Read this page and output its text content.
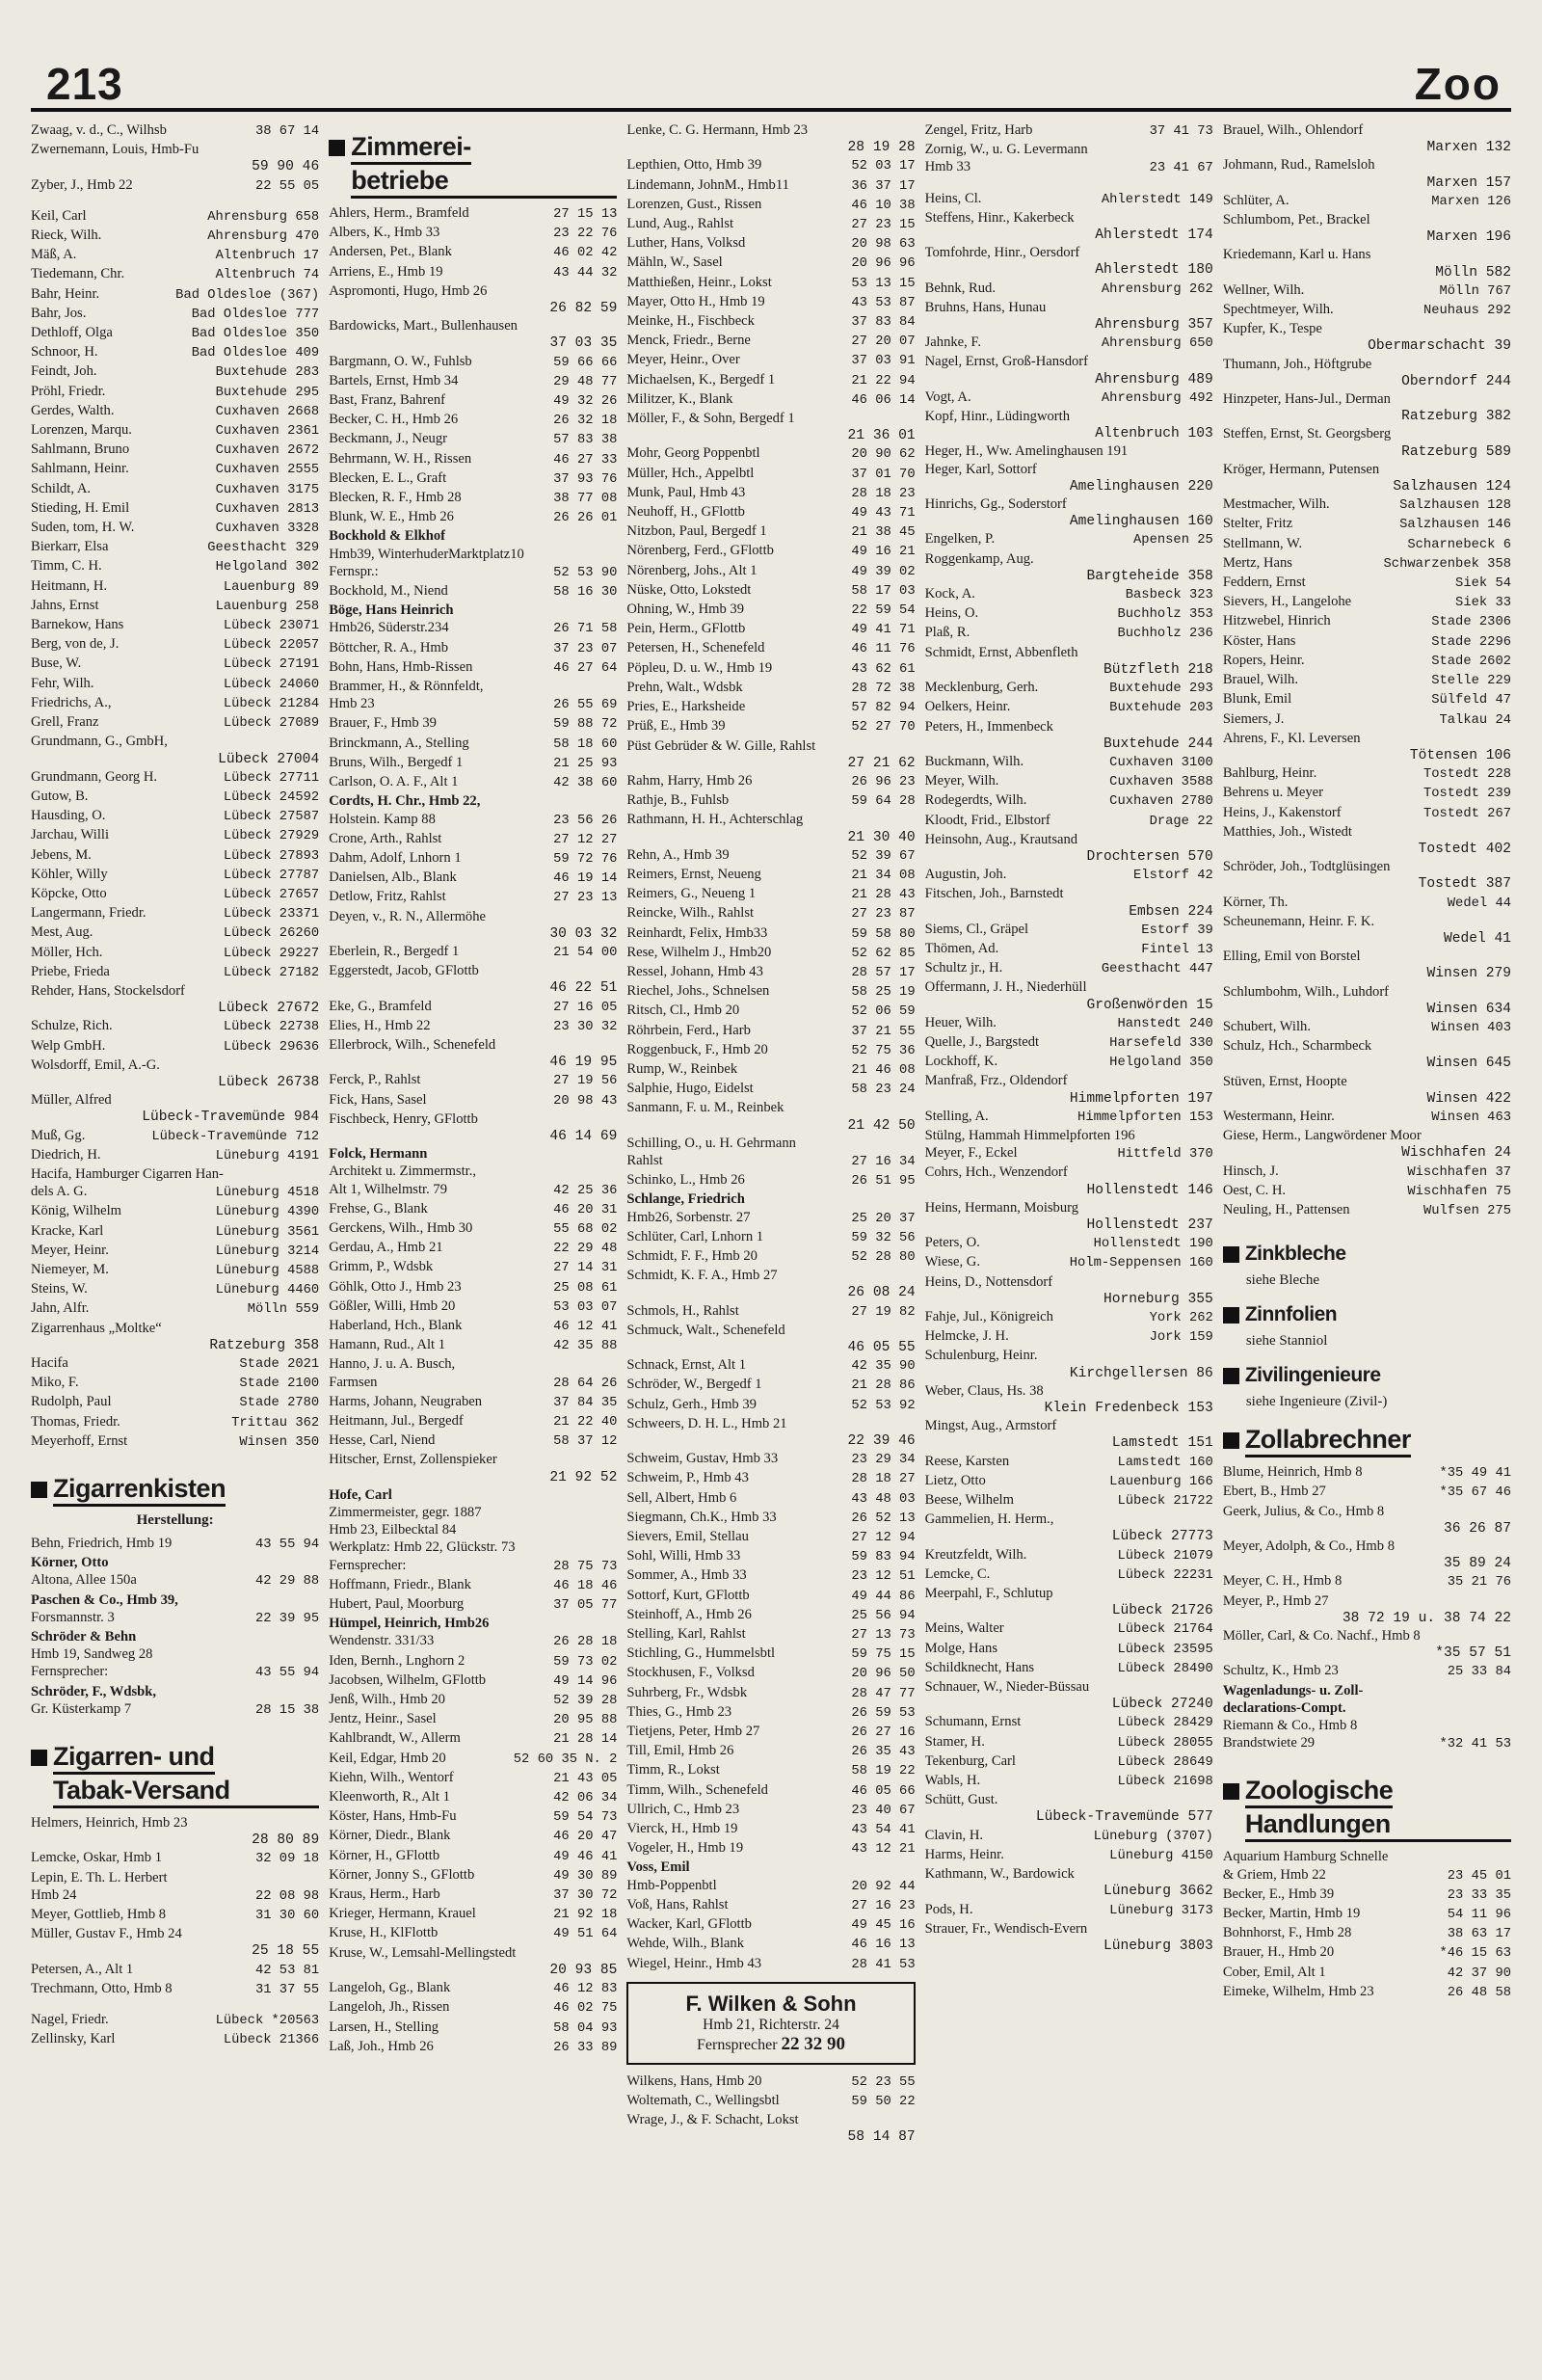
213	Zoo
Zwaag, v. d., C., Wilhsb	38 67 14
Zwernemann, Louis, Hmb-Fu
59 90 46
Zyber, J., Hmb 22	22 55 05
Keil, Carl	Ahrensburg 658
Rieck, Wilh.	Ahrensburg 470
Mäß, A.	Altenbruch 17
Tiedemann, Chr.	Altenbruch 74
Bahr, Heinr.	Bad Oldesloe (367)
Bahr, Jos.	Bad Oldesloe 777
Dethloff, Olga	Bad Oldesloe 350
Schnoor, H.	Bad Oldesloe 409
Feindt, Joh.	Buxtehude 283
Pröhl, Friedr.	Buxtehude 295
Gerdes, Walth.	Cuxhaven 2668
Lorenzen, Marqu.	Cuxhaven 2361
Sahlmann, Bruno	Cuxhaven 2672
Sahlmann, Heinr.	Cuxhaven 2555
Schildt, A.	Cuxhaven 3175
Stieding, H. Emil	Cuxhaven 2813
Suden, tom, H. W.	Cuxhaven 3328
Bierkarr, Elsa	Geesthacht 329
Timm, C. H.	Helgoland 302
Heitmann, H.	Lauenburg 89
Jahns, Ernst	Lauenburg 258
Barnekow, Hans	Lübeck 23071
Berg, von de, J.	Lübeck 22057
Buse, W.	Lübeck 27191
Fehr, Wilh.	Lübeck 24060
Friedrichs, A.,	Lübeck 21284
Grell, Franz	Lübeck 27089
Grundmann, G., GmbH,
Lübeck 27004
Grundmann, Georg H.	Lübeck 27711
Gutow, B.	Lübeck 24592
Hausding, O.	Lübeck 27587
Jarchau, Willi	Lübeck 27929
Jebens, M.	Lübeck 27893
Köhler, Willy	Lübeck 27787
Köpcke, Otto	Lübeck 27657
Langermann, Friedr.	Lübeck 23371
Mest, Aug.	Lübeck 26260
Möller, Hch.	Lübeck 29227
Priebe, Frieda	Lübeck 27182
Rehder, Hans, Stockelsdorf
Lübeck 27672
Schulze, Rich.	Lübeck 22738
Welp GmbH.	Lübeck 29636
Wolsdorff, Emil, A.-G.
Lübeck 26738
Müller, Alfred
Lübeck-Travemünde 984
Muß, Gg.	Lübeck-Travemünde 712
Diedrich, H.	Lüneburg 4191
Hacifa, Hamburger Cigarren Han-
dels A. G.	Lüneburg 4518
König, Wilhelm	Lüneburg 4390
Kracke, Karl	Lüneburg 3561
Meyer, Heinr.	Lüneburg 3214
Niemeyer, M.	Lüneburg 4588
Steins, W.	Lüneburg 4460
Jahn, Alfr.	Mölln 559
Zigarrenhaus „Moltke“
Ratzeburg 358
Hacifa	Stade 2021
Miko, F.	Stade 2100
Rudolph, Paul	Stade 2780
Thomas, Friedr.	Trittau 362
Meyerhoff, Ernst	Winsen 350
Zigarrenkisten
Herstellung:
Behn, Friedrich, Hmb 19	43 55 94
Körner, Otto
Altona, Allee 150a	42 29 88
Paschen & Co., Hmb 39,
Forsmannstr. 3	22 39 95
Schröder & Behn
Hmb 19, Sandweg 28
Fernsprecher:	43 55 94
Schröder, F., Wdsbk,
Gr. Küsterkamp 7	28 15 38
Zigarren- und
Tabak-Versand
Helmers, Heinrich, Hmb 23
28 80 89
Lemcke, Oskar, Hmb 1	32 09 18
Lepin, E. Th. L. Herbert
Hmb 24	22 08 98
Meyer, Gottlieb, Hmb 8	31 30 60
Müller, Gustav F., Hmb 24
25 18 55
Petersen, A., Alt 1	42 53 81
Trechmann, Otto, Hmb 8	31 37 55
Nagel, Friedr.	Lübeck *20563
Zellinsky, Karl	Lübeck 21366
Zimmerei-
betriebe
Ahlers, Herm., Bramfeld	27 15 13
Albers, K., Hmb 33	23 22 76
Andersen, Pet., Blank	46 02 42
Arriens, E., Hmb 19	43 44 32
Aspromonti, Hugo, Hmb 26
26 82 59
Bardowicks, Mart., Bullenhausen
37 03 35
Bargmann, O. W., Fuhlsb	59 66 66
Bartels, Ernst, Hmb 34	29 48 77
Bast, Franz, Bahrenf	49 32 26
Becker, C. H., Hmb 26	26 32 18
Beckmann, J., Neugr	57 83 38
Behrmann, W. H., Rissen	46 27 33
Blecken, E. L., Graft	37 93 76
Blecken, R. F., Hmb 28	38 77 08
Blunk, W. E., Hmb 26	26 26 01
Bockhold & Elkhof
Hmb39, WinterhuderMarktplatz10
Fernspr.:	52 53 90
Bockhold, M., Niend	58 16 30
Böge, Hans Heinrich
Hmb26, Süderstr.234	26 71 58
Böttcher, R. A., Hmb	37 23 07
Bohn, Hans, Hmb-Rissen	46 27 64
Brammer, H., & Rönnfeldt,
Hmb 23	26 55 69
Brauer, F., Hmb 39	59 88 72
Brinckmann, A., Stelling	58 18 60
Bruns, Wilh., Bergedf 1	21 25 93
Carlson, O. A. F., Alt 1	42 38 60
Cordts, H. Chr., Hmb 22,
Holstein. Kamp 88	23 56 26
Crone, Arth., Rahlst	27 12 27
Dahm, Adolf, Lnhorn 1	59 72 76
Danielsen, Alb., Blank	46 19 14
Detlow, Fritz, Rahlst	27 23 13
Deyen, v., R. N., Allermöhe
30 03 32
Eberlein, R., Bergedf 1	21 54 00
Eggerstedt, Jacob, GFlottb
46 22 51
Eke, G., Bramfeld	27 16 05
Elies, H., Hmb 22	23 30 32
Ellerbrock, Wilh., Schenefeld
46 19 95
Ferck, P., Rahlst	27 19 56
Fick, Hans, Sasel	20 98 43
Fischbeck, Henry, GFlottb
46 14 69
Folck, Hermann
Architekt u. Zimmermstr.,
Alt 1, Wilhelmstr. 79	42 25 36
Frehse, G., Blank	46 20 31
Gerckens, Wilh., Hmb 30	55 68 02
Gerdau, A., Hmb 21	22 29 48
Grimm, P., Wdsbk	27 14 31
Göhlk, Otto J., Hmb 23	25 08 61
Gößler, Willi, Hmb 20	53 03 07
Haberland, Hch., Blank	46 12 41
Hamann, Rud., Alt 1	42 35 88
Hanno, J. u. A. Busch,
Farmsen	28 64 26
Harms, Johann, Neugraben	37 84 35
Heitmann, Jul., Bergedf	21 22 40
Hesse, Carl, Niend	58 37 12
Hitscher, Ernst, Zollenspieker
21 92 52
Hofe, Carl
Zimmermeister, gegr. 1887
Hmb 23, Eilbecktal 84
Werkplatz: Hmb 22, Glückstr. 73
Fernsprecher:	28 75 73
Hoffmann, Friedr., Blank	46 18 46
Hubert, Paul, Moorburg	37 05 77
Hümpel, Heinrich, Hmb26
Wendenstr. 331/33	26 28 18
Iden, Bernh., Lnghorn 2	59 73 02
Jacobsen, Wilhelm, GFlottb	49 14 96
Jenß, Wilh., Hmb 20	52 39 28
Jentz, Heinr., Sasel	20 95 88
Kahlbrandt, W., Allerm	21 28 14
Keil, Edgar, Hmb 20	52 60 35 N. 2
Kiehn, Wilh., Wentorf	21 43 05
Kleenworth, R., Alt 1	42 06 34
Köster, Hans, Hmb-Fu	59 54 73
Körner, Diedr., Blank	46 20 47
Körner, H., GFlottb	49 46 41
Körner, Jonny S., GFlottb	49 30 89
Kraus, Herm., Harb	37 30 72
Krieger, Hermann, Krauel	21 92 18
Kruse, H., KlFlottb	49 51 64
Kruse, W., Lemsahl-Mellingstedt
20 93 85
Langeloh, Gg., Blank	46 12 83
Langeloh, Jh., Rissen	46 02 75
Larsen, H., Stelling	58 04 93
Laß, Joh., Hmb 26	26 33 89
Lenke, C. G. Hermann, Hmb 23
28 19 28
Lepthien, Otto, Hmb 39	52 03 17
Lindemann, JohnM., Hmb11	36 37 17
Lorenzen, Gust., Rissen	46 10 38
Lund, Aug., Rahlst	27 23 15
Luther, Hans, Volksd	20 98 63
Mähln, W., Sasel	20 96 96
Matthießen, Heinr., Lokst	53 13 15
Mayer, Otto H., Hmb 19	43 53 87
Meinke, H., Fischbeck	37 83 84
Menck, Friedr., Berne	27 20 07
Meyer, Heinr., Over	37 03 91
Michaelsen, K., Bergedf 1	21 22 94
Militzer, K., Blank	46 06 14
Möller, F., & Sohn, Bergedf 1
21 36 01
Mohr, Georg Poppenbtl	20 90 62
Müller, Hch., Appelbtl	37 01 70
Munk, Paul, Hmb 43	28 18 23
Neuhoff, H., GFlottb	49 43 71
Nitzbon, Paul, Bergedf 1	21 38 45
Nörenberg, Ferd., GFlottb	49 16 21
Nörenberg, Johs., Alt 1	49 39 02
Nüske, Otto, Lokstedt	58 17 03
Ohning, W., Hmb 39	22 59 54
Pein, Herm., GFlottb	49 41 71
Petersen, H., Schenefeld	46 11 76
Pöpleu, D. u. W., Hmb 19	43 62 61
Prehn, Walt., Wdsbk	28 72 38
Pries, E., Harksheide	57 82 94
Prüß, E., Hmb 39	52 27 70
Püst Gebrüder & W. Gille, Rahlst
27 21 62
Rahm, Harry, Hmb 26	26 96 23
Rathje, B., Fuhlsb	59 64 28
Rathmann, H. H., Achterschlag
21 30 40
Rehn, A., Hmb 39	52 39 67
Reimers, Ernst, Neueng	21 34 08
Reimers, G., Neueng 1	21 28 43
Reincke, Wilh., Rahlst	27 23 87
Reinhardt, Felix, Hmb33	59 58 80
Rese, Wilhelm J., Hmb20	52 62 85
Ressel, Johann, Hmb 43	28 57 17
Riechel, Johs., Schnelsen	58 25 19
Ritsch, Cl., Hmb 20	52 06 59
Röhrbein, Ferd., Harb	37 21 55
Roggenbuck, F., Hmb 20	52 75 36
Rump, W., Reinbek	21 46 08
Salphie, Hugo, Eidelst	58 23 24
Sanmann, F. u. M., Reinbek
21 42 50
Schilling, O., u. H. Gehrmann
Rahlst	27 16 34
Schinko, L., Hmb 26	26 51 95
Schlange, Friedrich
Hmb26, Sorbenstr. 27	25 20 37
Schlüter, Carl, Lnhorn 1	59 32 56
Schmidt, F. F., Hmb 20	52 28 80
Schmidt, K. F. A., Hmb 27
26 08 24
Schmols, H., Rahlst	27 19 82
Schmuck, Walt., Schenefeld
46 05 55
Schnack, Ernst, Alt 1	42 35 90
Schröder, W., Bergedf 1	21 28 86
Schulz, Gerh., Hmb 39	52 53 92
Schweers, D. H. L., Hmb 21
22 39 46
Schweim, Gustav, Hmb 33	23 29 34
Schweim, P., Hmb 43	28 18 27
Sell, Albert, Hmb 6	43 48 03
Siegmann, Ch.K., Hmb 33	26 52 13
Sievers, Emil, Stellau	27 12 94
Sohl, Willi, Hmb 33	59 83 94
Sommer, A., Hmb 33	23 12 51
Sottorf, Kurt, GFlottb	49 44 86
Steinhoff, A., Hmb 26	25 56 94
Stelling, Karl, Rahlst	27 13 73
Stichling, G., Hummelsbtl	59 75 15
Stockhusen, F., Volksd	20 96 50
Suhrberg, Fr., Wdsbk	28 47 77
Thies, G., Hmb 23	26 59 53
Tietjens, Peter, Hmb 27	26 27 16
Till, Emil, Hmb 26	26 35 43
Timm, R., Lokst	58 19 22
Timm, Wilh., Schenefeld	46 05 66
Ullrich, C., Hmb 23	23 40 67
Vierck, H., Hmb 19	43 54 41
Vogeler, H., Hmb 19	43 12 21
Voss, Emil
Hmb-Poppenbtl	20 92 44
Voß, Hans, Rahlst	27 16 23
Wacker, Karl, GFlottb	49 45 16
Wehde, Wilh., Blank	46 16 13
Wiegel, Heinr., Hmb 43	28 41 53
F. Wilken & Sohn
Hmb 21, Richterstr. 24
Fernsprecher 22 32 90
Wilkens, Hans, Hmb 20	52 23 55
Woltemath, C., Wellingsbtl	59 50 22
Wrage, J., & F. Schacht, Lokst
58 14 87
Zengel, Fritz, Harb	37 41 73
Zornig, W., u. G. Levermann
Hmb 33	23 41 67
Heins, Cl.	Ahlerstedt 149
Steffens, Hinr., Kakerbeck
Ahlerstedt 174
Tomfohrde, Hinr., Oersdorf
Ahlerstedt 180
Behnk, Rud.	Ahrensburg 262
Bruhns, Hans, Hunau
Ahrensburg 357
Jahnke, F.	Ahrensburg 650
Nagel, Ernst, Groß-Hansdorf
Ahrensburg 489
Vogt, A.	Ahrensburg 492
Kopf, Hinr., Lüdingworth
Altenbruch 103
Heger, H., Ww. Amelinghausen 191
Heger, Karl, Sottorf
Amelinghausen 220
Hinrichs, Gg., Soderstorf
Amelinghausen 160
Engelken, P.	Apensen 25
Roggenkamp, Aug.
Bargteheide 358
Kock, A.	Basbeck 323
Heins, O.	Buchholz 353
Plaß, R.	Buchholz 236
Schmidt, Ernst, Abbenfleth
Bützfleth 218
Mecklenburg, Gerh.	Buxtehude 293
Oelkers, Heinr.	Buxtehude 203
Peters, H., Immenbeck
Buxtehude 244
Buckmann, Wilh.	Cuxhaven 3100
Meyer, Wilh.	Cuxhaven 3588
Rodegerdts, Wilh.	Cuxhaven 2780
Kloodt, Frid., Elbstorf	Drage 22
Heinsohn, Aug., Krautsand
Drochtersen 570
Augustin, Joh.	Elstorf 42
Fitschen, Joh., Barnstedt
Embsen 224
Siems, Cl., Gräpel	Estorf 39
Thömen, Ad.	Fintel 13
Schultz jr., H.	Geesthacht 447
Offermann, J. H., Niederhüll
Großenwörden 15
Heuer, Wilh.	Hanstedt 240
Quelle, J., Bargstedt	Harsefeld 330
Lockhoff, K.	Helgoland 350
Manfraß, Frz., Oldendorf
Himmelpforten 197
Stelling, A.	Himmelpforten 153
Stülng, Hammah Himmelpforten 196
Meyer, F., Eckel	Hittfeld 370
Cohrs, Hch., Wenzendorf
Hollenstedt 146
Heins, Hermann, Moisburg
Hollenstedt 237
Peters, O.	Hollenstedt 190
Wiese, G.	Holm-Seppensen 160
Heins, D., Nottensdorf
Horneburg 355
Fahje, Jul., Königreich	York 262
Helmcke, J. H.	Jork 159
Schulenburg, Heinr.
Kirchgellersen 86
Weber, Claus, Hs. 38
Klein Fredenbeck 153
Mingst, Aug., Armstorf
Lamstedt 151
Reese, Karsten	Lamstedt 160
Lietz, Otto	Lauenburg 166
Beese, Wilhelm	Lübeck 21722
Gammelien, H. Herm.,
Lübeck 27773
Kreutzfeldt, Wilh.	Lübeck 21079
Lemcke, C.	Lübeck 22231
Meerpahl, F., Schlutup
Lübeck 21726
Meins, Walter	Lübeck 21764
Molge, Hans	Lübeck 23595
Schildknecht, Hans	Lübeck 28490
Schnauer, W., Nieder-Büssau
Lübeck 27240
Schumann, Ernst	Lübeck 28429
Stamer, H.	Lübeck 28055
Tekenburg, Carl	Lübeck 28649
Wabls, H.	Lübeck 21698
Schütt, Gust.
Lübeck-Travemünde 577
Clavin, H.	Lüneburg (3707)
Harms, Heinr.	Lüneburg 4150
Kathmann, W., Bardowick
Lüneburg 3662
Pods, H.	Lüneburg 3173
Strauer, Fr., Wendisch-Evern
Lüneburg 3803
Brauel, Wilh., Ohlendorf
Marxen 132
Johmann, Rud., Ramelsloh
Marxen 157
Schlüter, A.	Marxen 126
Schlumbom, Pet., Brackel
Marxen 196
Kriedemann, Karl u. Hans
Mölln 582
Wellner, Wilh.	Mölln 767
Spechtmeyer, Wilh.	Neuhaus 292
Kupfer, K., Tespe
Obermarschacht 39
Thumann, Joh., Höftgrube
Oberndorf 244
Hinzpeter, Hans-Jul., Derman
Ratzeburg 382
Steffen, Ernst, St. Georgsberg
Ratzeburg 589
Kröger, Hermann, Putensen
Salzhausen 124
Mestmacher, Wilh.	Salzhausen 128
Stelter, Fritz	Salzhausen 146
Stellmann, W.	Scharnebeck 6
Mertz, Hans	Schwarzenbek 358
Feddern, Ernst	Siek 54
Sievers, H., Langelohe	Siek 33
Hitzwebel, Hinrich	Stade 2306
Köster, Hans	Stade 2296
Ropers, Heinr.	Stade 2602
Brauel, Wilh.	Stelle 229
Blunk, Emil	Sülfeld 47
Siemers, J.	Talkau 24
Ahrens, F., Kl. Leversen
Tötensen 106
Bahlburg, Heinr.	Tostedt 228
Behrens u. Meyer	Tostedt 239
Heins, J., Kakenstorf	Tostedt 267
Matthies, Joh., Wistedt
Tostedt 402
Schröder, Joh., Todtglüsingen
Tostedt 387
Körner, Th.	Wedel 44
Scheunemann, Heinr. F. K.
Wedel 41
Elling, Emil von Borstel
Winsen 279
Schlumbohm, Wilh., Luhdorf
Winsen 634
Schubert, Wilh.	Winsen 403
Schulz, Hch., Scharmbeck
Winsen 645
Stüven, Ernst, Hoopte
Winsen 422
Westermann, Heinr.	Winsen 463
Giese, Herm., Langwördener Moor
Wischhafen 24
Hinsch, J.	Wischhafen 37
Oest, C. H.	Wischhafen 75
Neuling, H., Pattensen	Wulfsen 275
Zinkbleche
siehe Bleche
Zinnfolien
siehe Stanniol
Zivilingenieure
siehe Ingenieure (Zivil-)
Zollabrechner
Blume, Heinrich, Hmb 8	*35 49 41
Ebert, B., Hmb 27	*35 67 46
Geerk, Julius, & Co., Hmb 8
36 26 87
Meyer, Adolph, & Co., Hmb 8
35 89 24
Meyer, C. H., Hmb 8	35 21 76
Meyer, P., Hmb 27
38 72 19 u. 38 74 22
Möller, Carl, & Co. Nachf., Hmb 8
*35 57 51
Schultz, K., Hmb 23	25 33 84
Wagenladungs- u. Zoll-
declarations-Compt.
Riemann & Co., Hmb 8
Brandstwiete 29	*32 41 53
Zoologische
Handlungen
Aquarium Hamburg Schnelle
& Griem, Hmb 22	23 45 01
Becker, E., Hmb 39	23 33 35
Becker, Martin, Hmb 19	54 11 96
Bohnhorst, F., Hmb 28	38 63 17
Brauer, H., Hmb 20	*46 15 63
Cober, Emil, Alt 1	42 37 90
Eimeke, Wilhelm, Hmb 23	26 48 58
